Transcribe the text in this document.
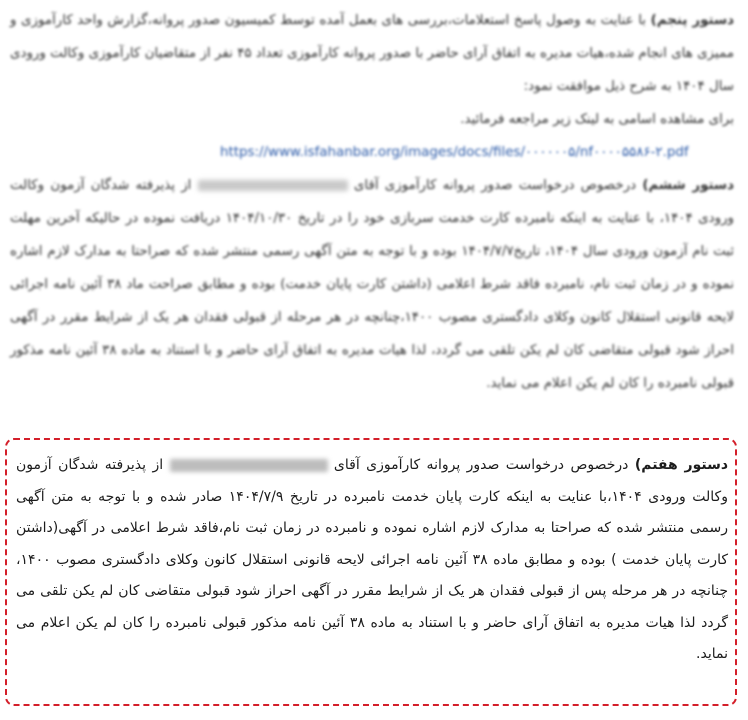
دستور پنجم) با عنایت به وصول پاسخ استعلامات،بررسی های بعمل آمده توسط کمیسیون صدور پروانه،گزارش واحد کارآموزی و ممیزی های انجام شده،هیات مدیره به اتفاق آرای حاضر با صدور پروانه کارآموزی تعداد ۴۵ نفر از متقاضیان کارآموزی وکالت ورودی سال ۱۴۰۴ به شرح ذیل موافقت نمود:

برای مشاهده اسامی به لینک زیر مراجعه فرمائید.

https://www.isfahanbar.org/images/docs/files/۰۰۰۰۰۰۵/nf۰۰۰۰۵۵۸۶-۲.pdf

دستور ششم) درخصوص درخواست صدور پروانه کارآموزی آقای  از پذیرفته شدگان آزمون وکالت ورودی ۱۴۰۴، با عنایت به اینکه نامبرده کارت خدمت سربازی خود را در تاریخ ۱۴۰۴/۱۰/۳۰ دریافت نموده در حالیکه آخرین مهلت ثبت نام آزمون ورودی سال ۱۴۰۴، تاریخ۱۴۰۴/۷/۷ بوده و با توجه به متن آگهی رسمی منتشر شده که صراحتا به مدارک لازم اشاره نموده و در زمان ثبت نام، نامبرده فاقد شرط اعلامی (داشتن کارت پایان خدمت) بوده و مطابق صراحت ماد ۳۸ آئین نامه اجرائی لایحه قانونی استقلال کانون وکلای دادگستری مصوب ۱۴۰۰،چنانچه در هر مرحله از قبولی فقدان هر یک از شرایط مقرر در آگهی احراز شود قبولی متقاضی کان لم یکن تلقی می گردد، لذا هیات مدیره به اتفاق آرای حاضر و با استناد به ماده ۳۸ آئین نامه مذکور قبولی نامبرده را کان لم یکن اعلام می نماید.

دستور هفتم) درخصوص درخواست صدور پروانه کارآموزی آقای  از پذیرفته شدگان آزمون وکالت ورودی ۱۴۰۴،با عنایت به اینکه کارت پایان خدمت نامبرده در تاریخ ۱۴۰۴/۷/۹ صادر شده و با توجه به متن آگهی رسمی منتشر شده که صراحتا به مدارک لازم اشاره نموده و نامبرده در زمان ثبت نام،فاقد شرط اعلامی در آگهی(داشتن کارت پایان خدمت ) بوده و مطابق ماده ۳۸ آئین نامه اجرائی لایحه قانونی استقلال کانون وکلای دادگستری مصوب ۱۴۰۰، چنانچه در هر مرحله پس از قبولی فقدان هر یک از شرایط مقرر در آگهی احراز شود قبولی متقاضی کان لم یکن تلقی می گردد لذا هیات مدیره به اتفاق آرای حاضر و با استناد به ماده ۳۸ آئین نامه مذکور قبولی نامبرده را کان لم یکن اعلام می نماید.
